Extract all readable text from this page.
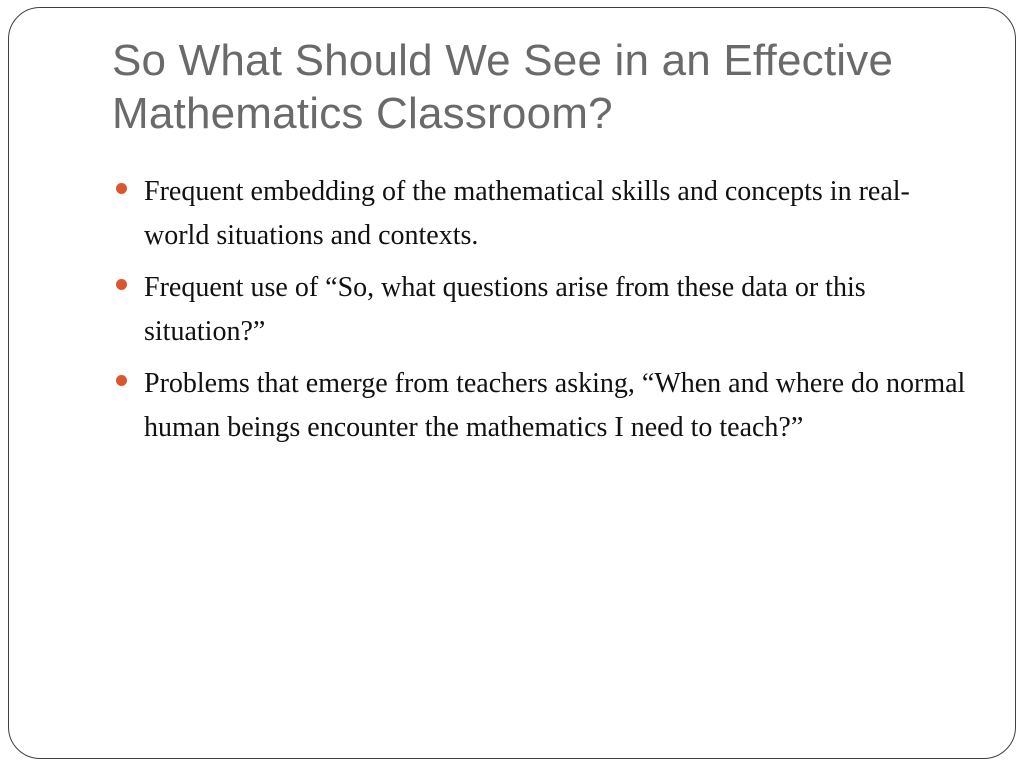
So What Should We See in an Effective Mathematics Classroom?
Frequent embedding of the mathematical skills and concepts in real-world situations and contexts.
Frequent use of “So, what questions arise from these data or this situation?”
Problems that emerge from teachers asking, “When and where do normal human beings encounter the mathematics I need to teach?”
